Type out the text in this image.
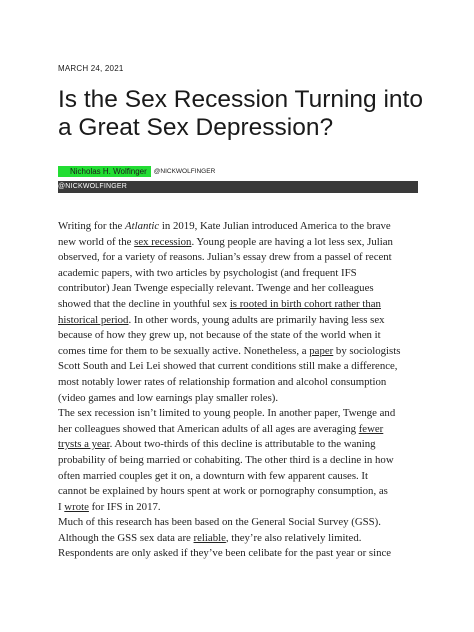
MARCH 24, 2021
Is the Sex Recession Turning into a Great Sex Depression?
Nicholas H. Wolfinger	@NICKWOLFINGER
@NICKWOLFINGER

Writing for the Atlantic in 2019, Kate Julian introduced America to the brave
new world of the sex recession. Young people are having a lot less sex, Julian
observed, for a variety of reasons. Julian’s essay drew from a passel of recent
academic papers, with two articles by psychologist (and frequent IFS
contributor) Jean Twenge especially relevant. Twenge and her colleagues
showed that the decline in youthful sex is rooted in birth cohort rather than
historical period. In other words, young adults are primarily having less sex
because of how they grew up, not because of the state of the world when it
comes time for them to be sexually active. Nonetheless, a paper by sociologists
Scott South and Lei Lei showed that current conditions still make a difference,
most notably lower rates of relationship formation and alcohol consumption
(video games and low earnings play smaller roles).

The sex recession isn’t limited to young people. In another paper, Twenge and
her colleagues showed that American adults of all ages are averaging fewer
trysts a year. About two-thirds of this decline is attributable to the waning
probability of being married or cohabiting. The other third is a decline in how
often married couples get it on, a downturn with few apparent causes. It
cannot be explained by hours spent at work or pornography consumption, as
I wrote for IFS in 2017.

Much of this research has been based on the General Social Survey (GSS).
Although the GSS sex data are reliable, they’re also relatively limited.
Respondents are only asked if they’ve been celibate for the past year or since
